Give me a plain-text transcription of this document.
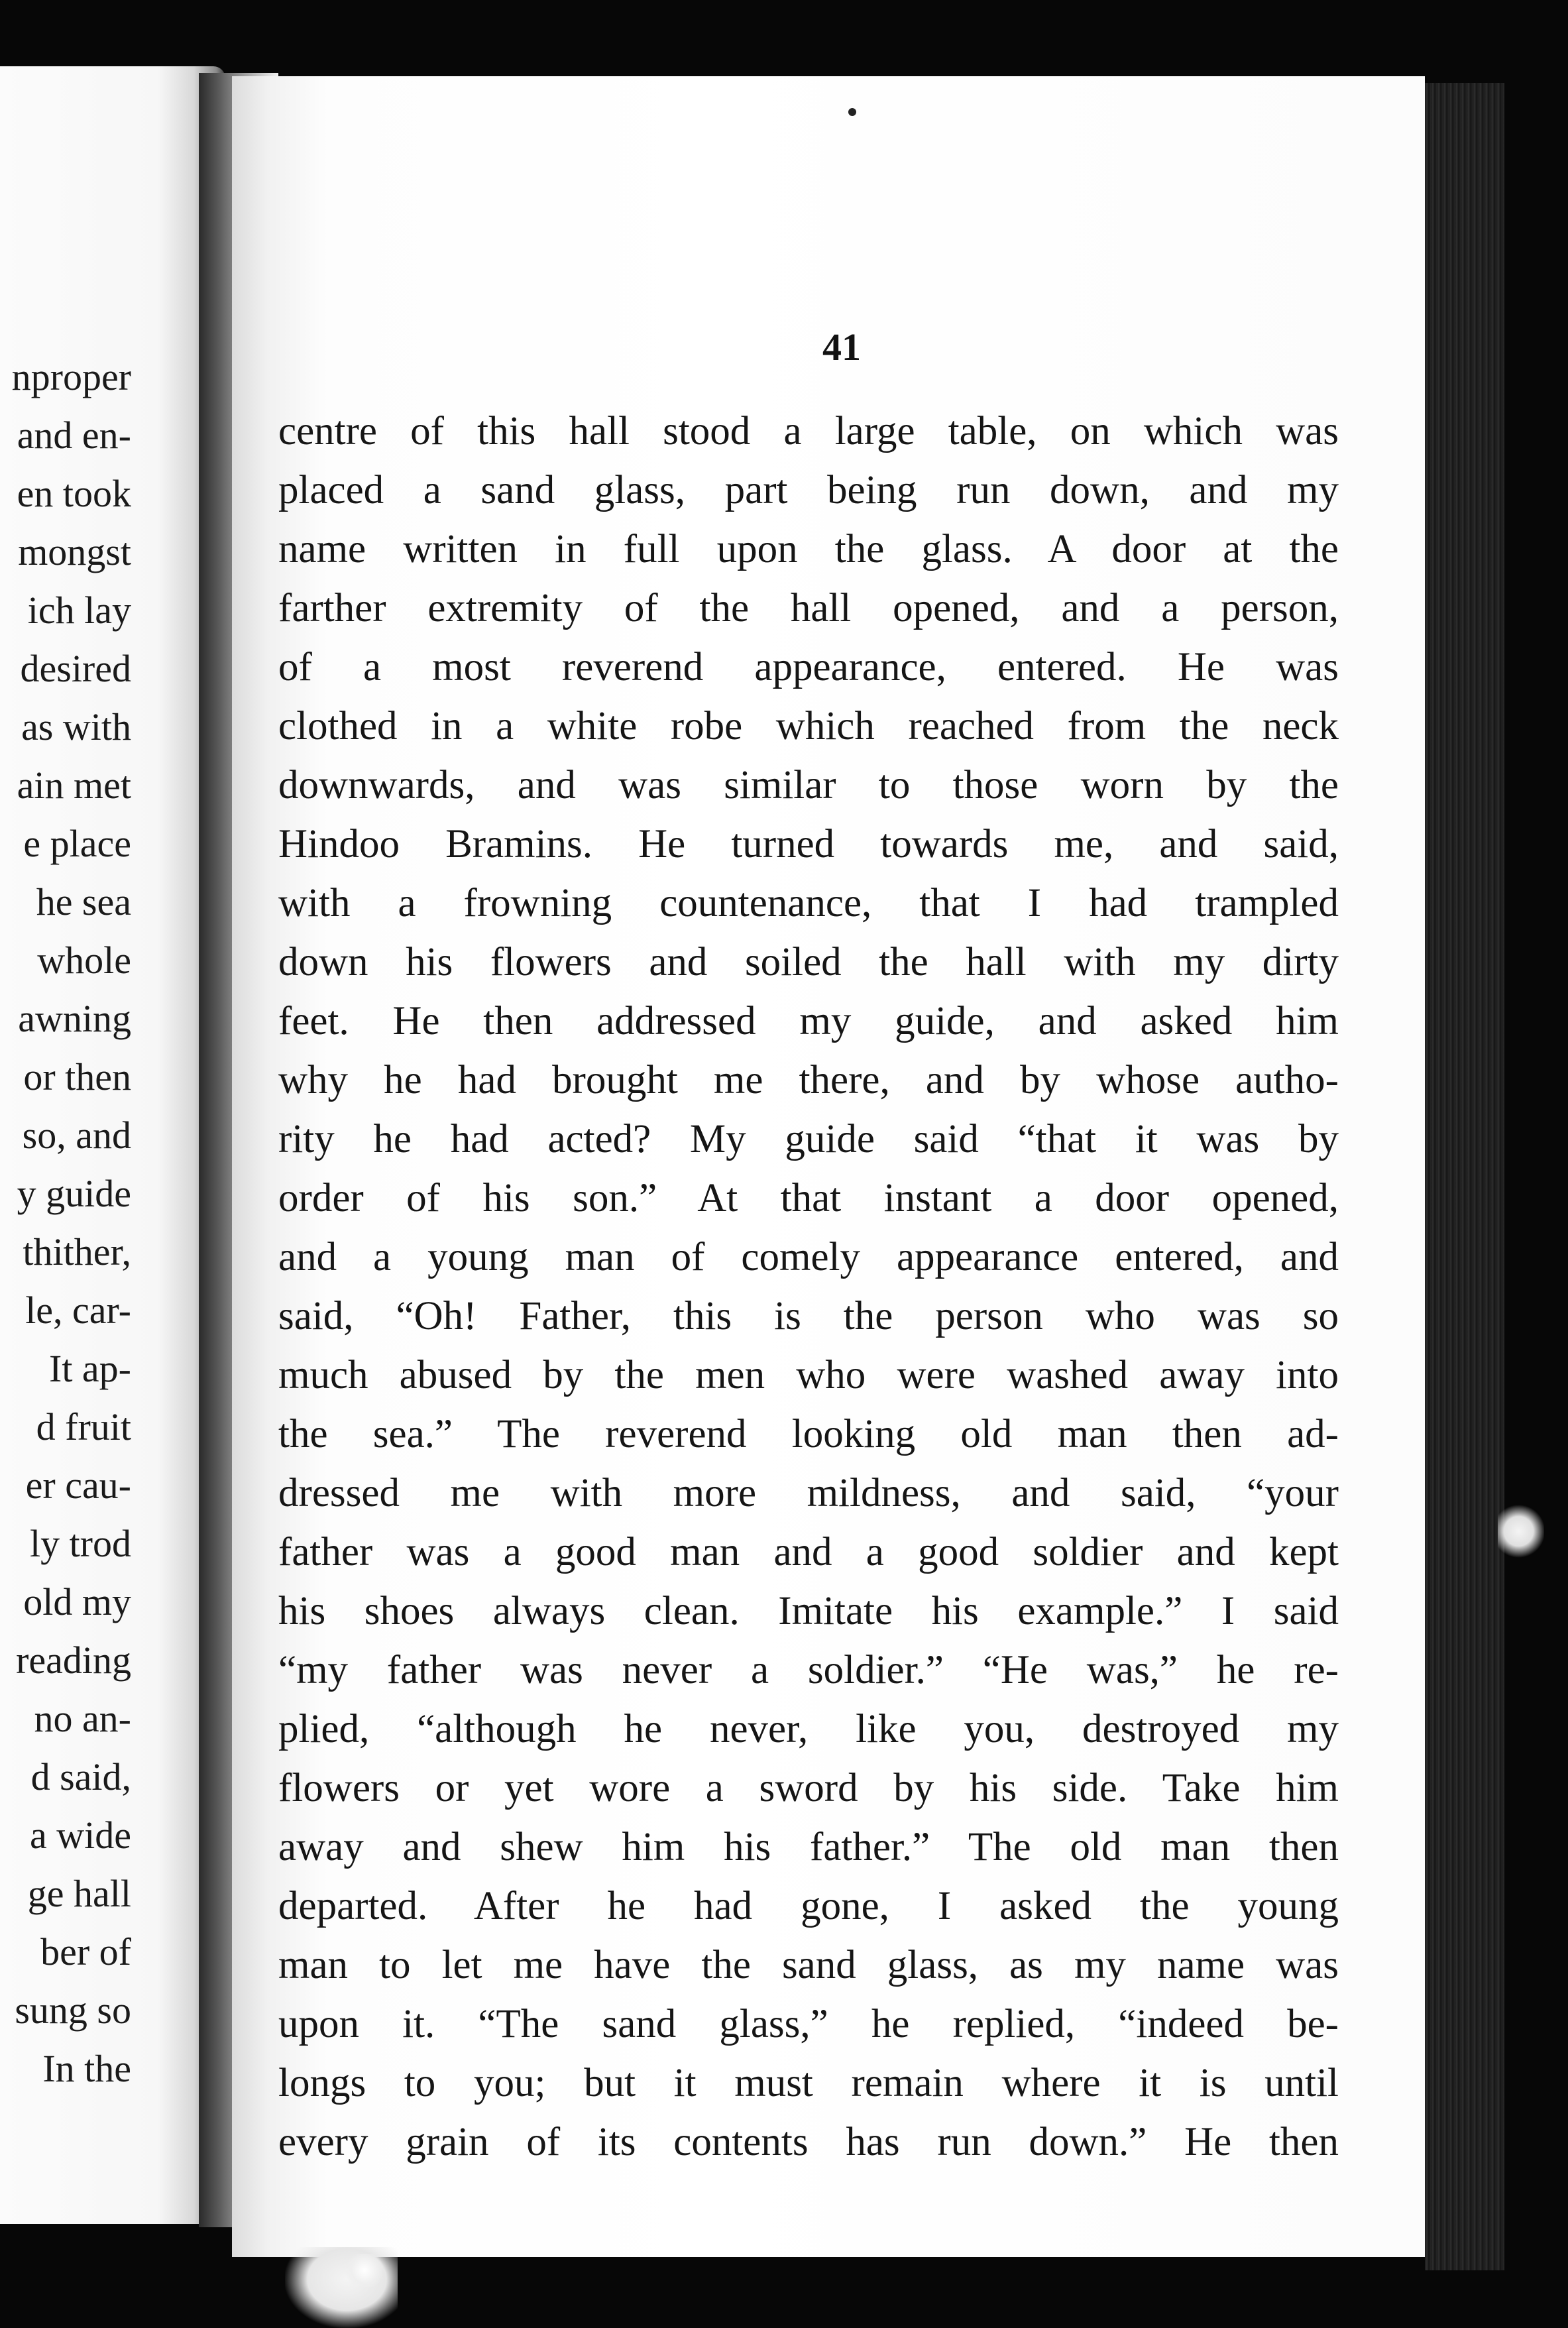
nproper
and en-
en took
mongst
ich lay
desired
as with
ain met
e place
he sea
whole
awning
or then
so, and
y guide
thither,
le, car-
It ap-
d fruit
er cau-
ly trod
old my
reading
no an-
d said,
a wide
ge hall
ber of
sung so
In the
41
centre of this hall stood a large table, on which was
placed a sand glass, part being run down, and my
name written in full upon the glass. A door at the
farther extremity of the hall opened, and a person,
of a most reverend appearance, entered. He was
clothed in a white robe which reached from the neck
downwards, and was similar to those worn by the
Hindoo Bramins. He turned towards me, and said,
with a frowning countenance, that I had trampled
down his flowers and soiled the hall with my dirty
feet. He then addressed my guide, and asked him
why he had brought me there, and by whose autho-
rity he had acted? My guide said “that it was by
order of his son.” At that instant a door opened,
and a young man of comely appearance entered, and
said, “Oh! Father, this is the person who was so
much abused by the men who were washed away into
the sea.” The reverend looking old man then ad-
dressed me with more mildness, and said, “your
father was a good man and a good soldier and kept
his shoes always clean. Imitate his example.” I said
“my father was never a soldier.” “He was,” he re-
plied, “although he never, like you, destroyed my
flowers or yet wore a sword by his side. Take him
away and shew him his father.” The old man then
departed. After he had gone, I asked the young
man to let me have the sand glass, as my name was
upon it. “The sand glass,” he replied, “indeed be-
longs to you; but it must remain where it is until
every grain of its contents has run down.” He then
